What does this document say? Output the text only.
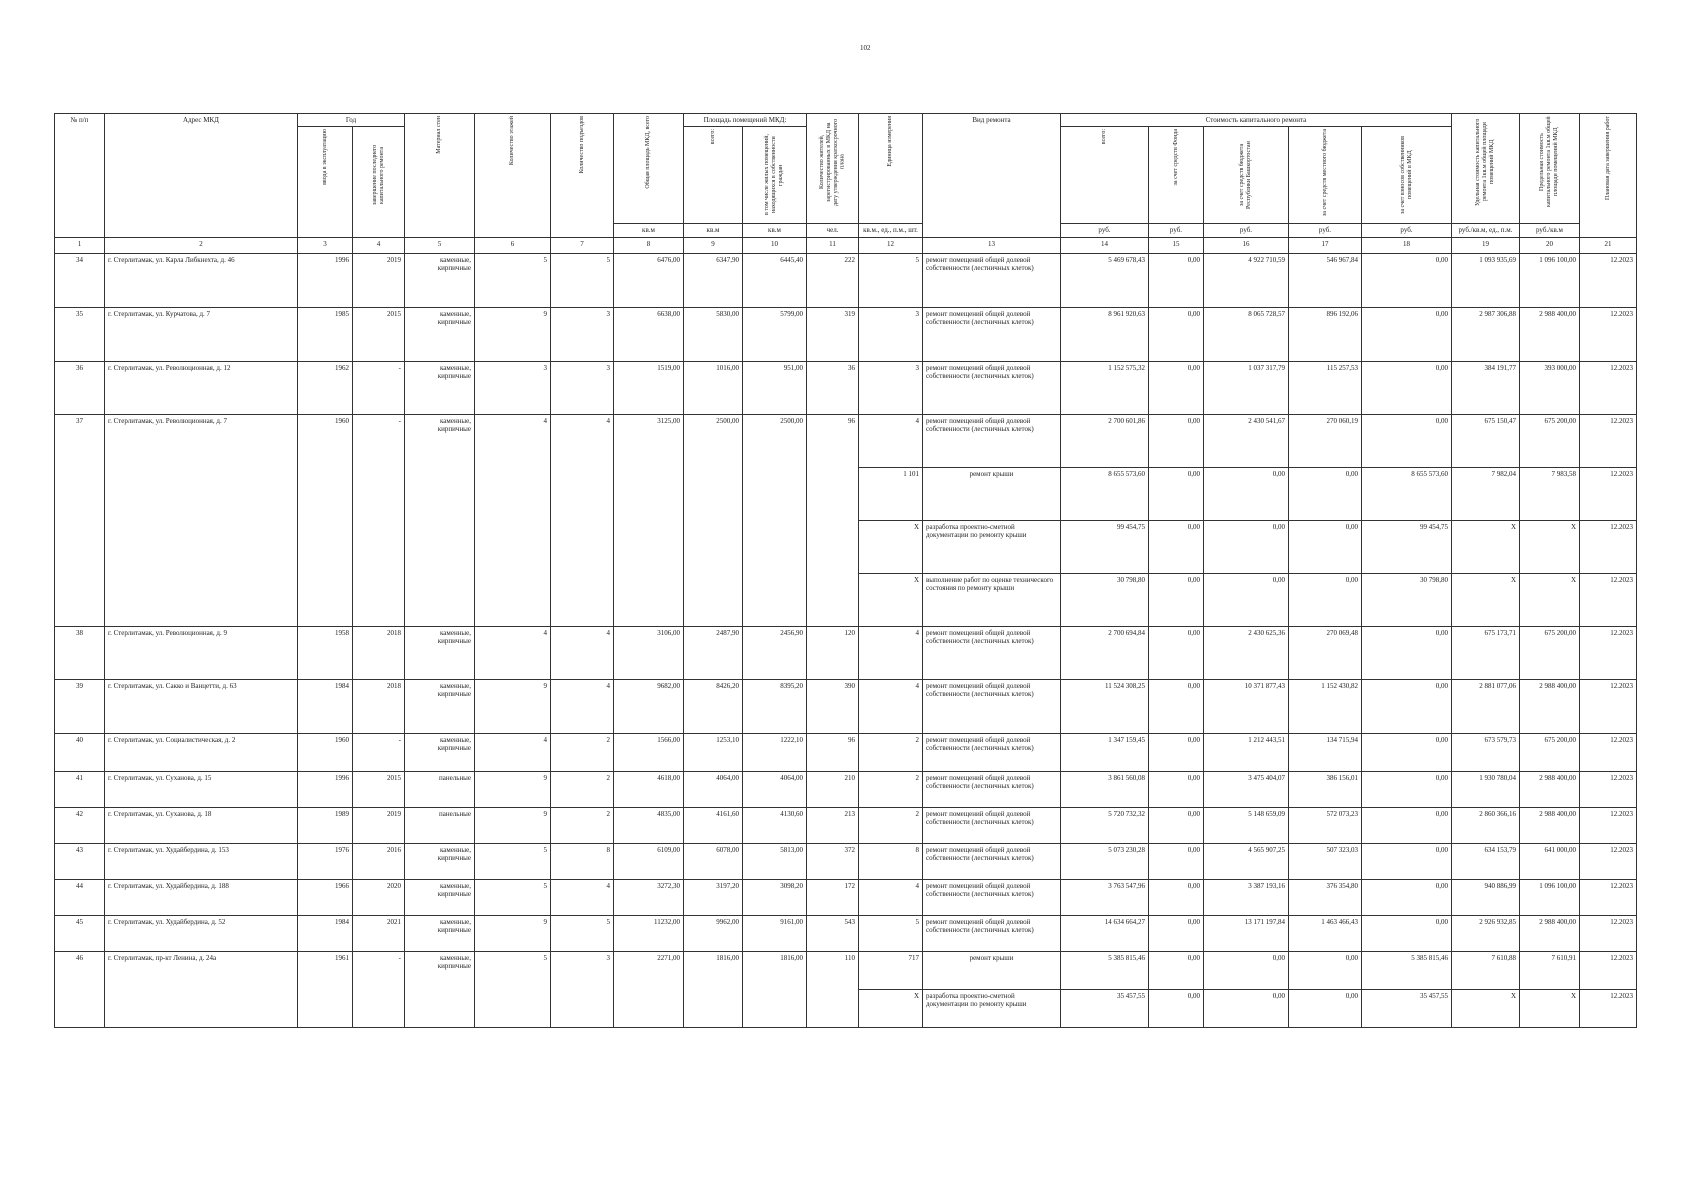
102
№ п/п	Адрес МКД	Год		Материал стен	Количество этажей	Количество подъездов	Общая площадь МКД, всего	Площадь помещений МКД:		Количество жителей, зарегистрированных в МКД на дату утверждения краткосрочного плана	Единица измерения	Вид ремонта	Стоимость капитального ремонта					Удельная стоимость капитального ремонта 1кв.м общей площади помещений МКД	Предельная стоимость капитального ремонта 1кв.м общей площади помещений МКД	Плановая дата завершения работ

		ввода в эксплуатацию	завершение последнего капитального ремонта					всего:	в том числе жилых помещений, находящихся в собственности граждан				всего:	за счет средств Фонда	за счет средств бюджета Республики Башкортостан	за счет средств местного бюджета	за счет взносов собственников помещений в МКД			

							кв.м	кв.м	кв.м	чел.	кв.м., ед., п.м., шт.		руб.	руб.	руб.	руб.	руб.	руб./кв.м, ед., п.м.	руб./кв.м	
1	2	3	4	5	6	7	8	9	10	11	12	13	14	15	16	17	18	19	20	21
34	г. Стерлитамак, ул. Карла Либкнехта, д. 46	1996	2019	каменные, кирпичные	5	5	6476,00	6347,90	6445,40	222	5	ремонт помещений общей долевой собственности (лестничных клеток)	5 469 678,43	0,00	4 922 710,59	546 967,84	0,00	1 093 935,69	1 096 100,00	12.2023
35	г. Стерлитамак, ул. Курчатова, д. 7	1985	2015	каменные, кирпичные	9	3	6638,00	5830,00	5799,00	319	3	ремонт помещений общей долевой собственности (лестничных клеток)	8 961 920,63	0,00	8 065 728,57	896 192,06	0,00	2 987 306,88	2 988 400,00	12.2023
36	г. Стерлитамак, ул. Революционная, д. 12	1962	-	каменные, кирпичные	3	3	1519,00	1016,00	951,00	36	3	ремонт помещений общей долевой собственности (лестничных клеток)	1 152 575,32	0,00	1 037 317,79	115 257,53	0,00	384 191,77	393 000,00	12.2023
37	г. Стерлитамак, ул. Революционная, д. 7	1960	-	каменные, кирпичные	4	4	3125,00	2500,00	2500,00	96	4	ремонт помещений общей долевой собственности (лестничных клеток)	2 700 601,86	0,00	2 430 541,67	270 060,19	0,00	675 150,47	675 200,00	12.2023
											1 101	ремонт крыши	8 655 573,60	0,00	0,00	0,00	8 655 573,60	7 982,04	7 983,58	12.2023
											X	разработка проектно-сметной документации по ремонту крыши	99 454,75	0,00	0,00	0,00	99 454,75	X	X	12.2023
											X	выполнение работ по оценке технического состояния по ремонту крыши	30 798,80	0,00	0,00	0,00	30 798,80	X	X	12.2023
38	г. Стерлитамак, ул. Революционная, д. 9	1958	2018	каменные, кирпичные	4	4	3106,00	2487,90	2456,90	120	4	ремонт помещений общей долевой собственности (лестничных клеток)	2 700 694,84	0,00	2 430 625,36	270 069,48	0,00	675 173,71	675 200,00	12.2023
39	г. Стерлитамак, ул. Сакко и Ванцетти, д. 63	1984	2018	каменные, кирпичные	9	4	9682,00	8426,20	8395,20	390	4	ремонт помещений общей долевой собственности (лестничных клеток)	11 524 308,25	0,00	10 371 877,43	1 152 430,82	0,00	2 881 077,06	2 988 400,00	12.2023
40	г. Стерлитамак, ул. Социалистическая, д. 2	1960	-	каменные, кирпичные	4	2	1566,00	1253,10	1222,10	96	2	ремонт помещений общей долевой собственности (лестничных клеток)	1 347 159,45	0,00	1 212 443,51	134 715,94	0,00	673 579,73	675 200,00	12.2023
41	г. Стерлитамак, ул. Суханова, д. 15	1996	2015	панельные	9	2	4618,00	4064,00	4064,00	210	2	ремонт помещений общей долевой собственности (лестничных клеток)	3 861 560,08	0,00	3 475 404,07	386 156,01	0,00	1 930 780,04	2 988 400,00	12.2023
42	г. Стерлитамак, ул. Суханова, д. 18	1989	2019	панельные	9	2	4835,00	4161,60	4130,60	213	2	ремонт помещений общей долевой собственности (лестничных клеток)	5 720 732,32	0,00	5 148 659,09	572 073,23	0,00	2 860 366,16	2 988 400,00	12.2023
43	г. Стерлитамак, ул. Худайбердина, д. 153	1976	2016	каменные, кирпичные	5	8	6109,00	6078,00	5813,00	372	8	ремонт помещений общей долевой собственности (лестничных клеток)	5 073 230,28	0,00	4 565 907,25	507 323,03	0,00	634 153,79	641 000,00	12.2023
44	г. Стерлитамак, ул. Худайбердина, д. 188	1966	2020	каменные, кирпичные	5	4	3272,30	3197,20	3098,20	172	4	ремонт помещений общей долевой собственности (лестничных клеток)	3 763 547,96	0,00	3 387 193,16	376 354,80	0,00	940 886,99	1 096 100,00	12.2023
45	г. Стерлитамак, ул. Худайбердина, д. 52	1984	2021	каменные, кирпичные	9	5	11232,00	9962,00	9161,00	543	5	ремонт помещений общей долевой собственности (лестничных клеток)	14 634 664,27	0,00	13 171 197,84	1 463 466,43	0,00	2 926 932,85	2 988 400,00	12.2023
46	г. Стерлитамак, пр-кт Ленина, д. 24а	1961	-	каменные, кирпичные	5	3	2271,00	1816,00	1816,00	110	717	ремонт крыши	5 385 815,46	0,00	0,00	0,00	5 385 815,46	7 610,88	7 610,91	12.2023
											X	разработка проектно-сметной документации по ремонту крыши	35 457,55	0,00	0,00	0,00	35 457,55	X	X	12.2023
